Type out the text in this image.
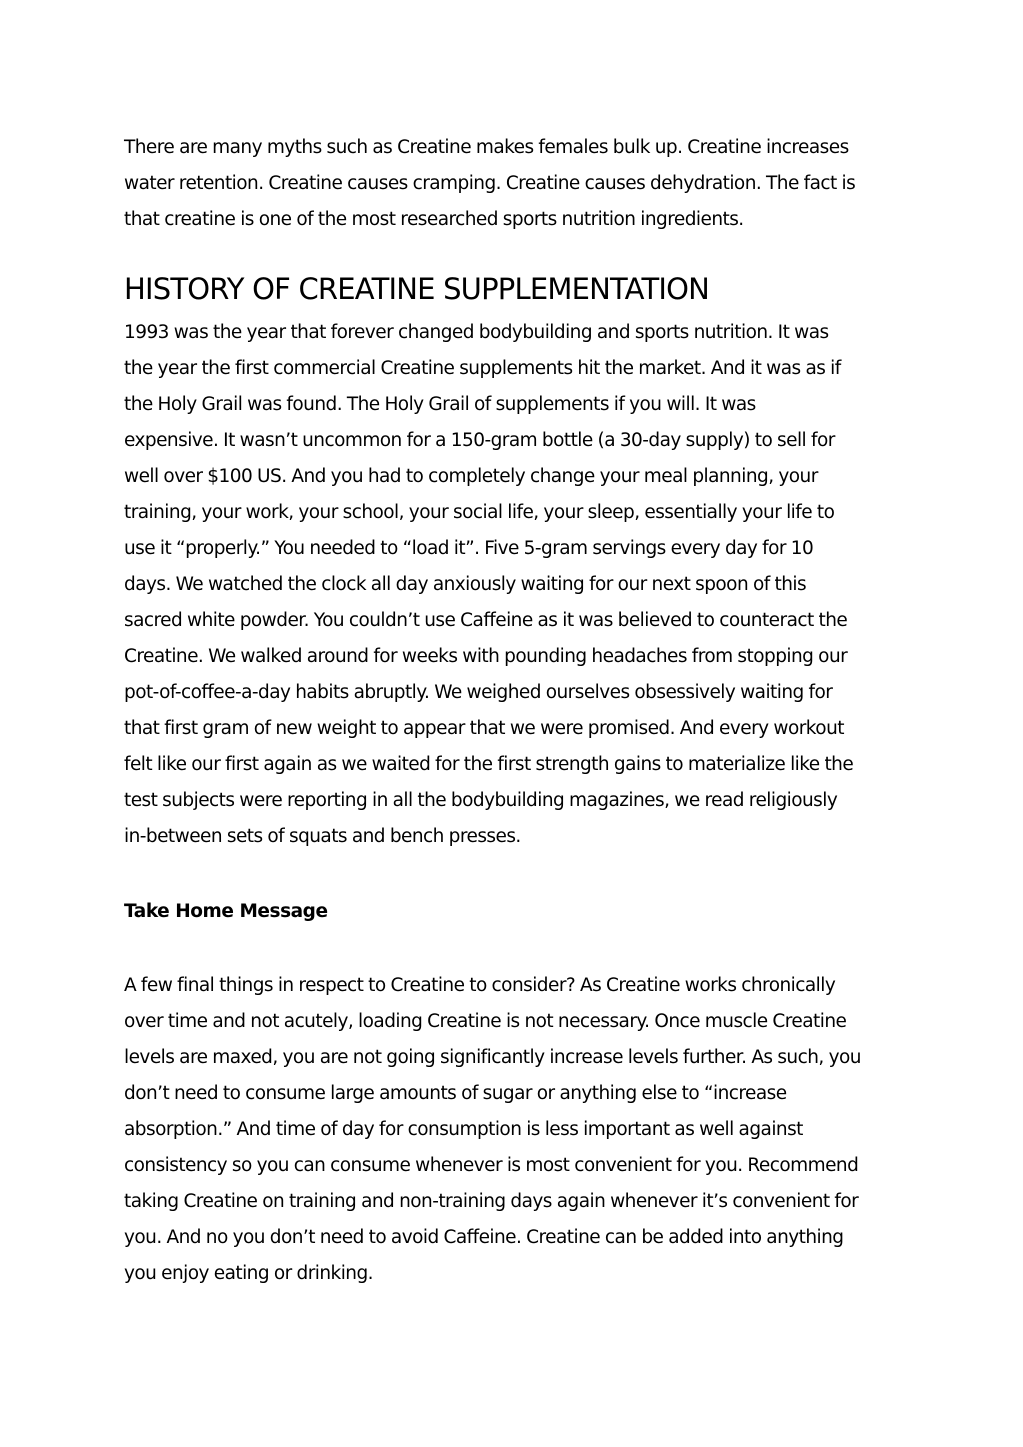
There are many myths such as Creatine makes females bulk up. Creatine increases
water retention. Creatine causes cramping. Creatine causes dehydration. The fact is
that creatine is one of the most researched sports nutrition ingredients.

HISTORY OF CREATINE SUPPLEMENTATION

1993 was the year that forever changed bodybuilding and sports nutrition. It was
the year the first commercial Creatine supplements hit the market. And it was as if
the Holy Grail was found. The Holy Grail of supplements if you will. It was
expensive. It wasn’t uncommon for a 150-gram bottle (a 30-day supply) to sell for
well over $100 US. And you had to completely change your meal planning, your
training, your work, your school, your social life, your sleep, essentially your life to
use it “properly.” You needed to “load it”. Five 5-gram servings every day for 10
days. We watched the clock all day anxiously waiting for our next spoon of this
sacred white powder. You couldn’t use Caffeine as it was believed to counteract the
Creatine. We walked around for weeks with pounding headaches from stopping our
pot-of-coffee-a-day habits abruptly. We weighed ourselves obsessively waiting for
that first gram of new weight to appear that we were promised. And every workout
felt like our first again as we waited for the first strength gains to materialize like the
test subjects were reporting in all the bodybuilding magazines, we read religiously
in-between sets of squats and bench presses.

Take Home Message

A few final things in respect to Creatine to consider? As Creatine works chronically
over time and not acutely, loading Creatine is not necessary. Once muscle Creatine
levels are maxed, you are not going significantly increase levels further. As such, you
don’t need to consume large amounts of sugar or anything else to “increase
absorption.” And time of day for consumption is less important as well against
consistency so you can consume whenever is most convenient for you. Recommend
taking Creatine on training and non-training days again whenever it’s convenient for
you. And no you don’t need to avoid Caffeine. Creatine can be added into anything
you enjoy eating or drinking.
